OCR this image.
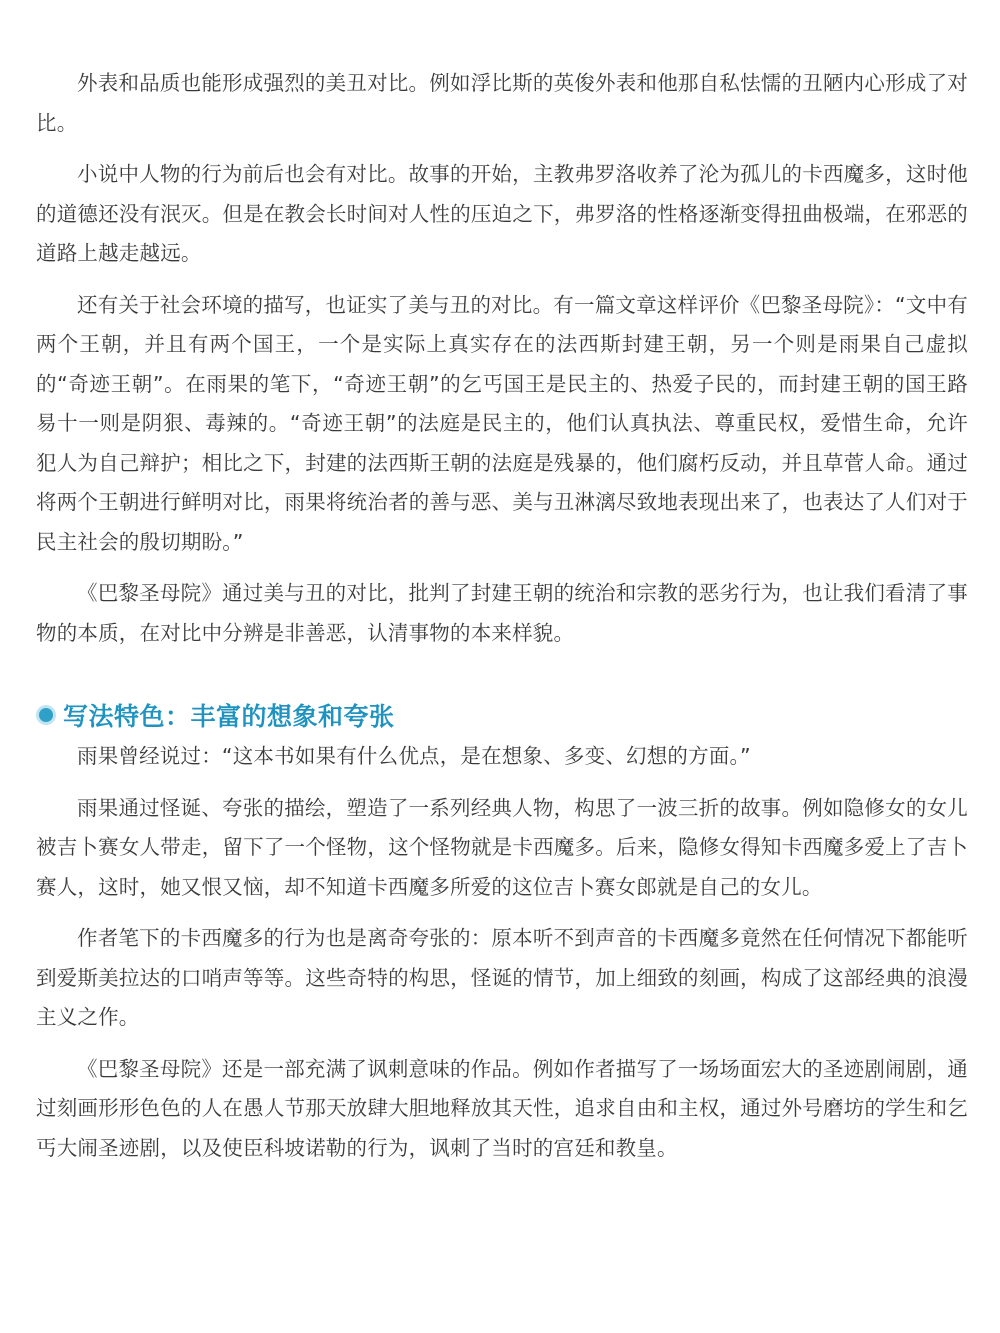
外表和品质也能形成强烈的美丑对比。例如浮比斯的英俊外表和他那自私怯懦的丑陋内心形成了对比。

小说中人物的行为前后也会有对比。故事的开始，主教弗罗洛收养了沦为孤儿的卡西魔多，这时他的道德还没有泯灭。但是在教会长时间对人性的压迫之下，弗罗洛的性格逐渐变得扭曲极端，在邪恶的道路上越走越远。

还有关于社会环境的描写，也证实了美与丑的对比。有一篇文章这样评价《巴黎圣母院》：“文中有两个王朝，并且有两个国王，一个是实际上真实存在的法西斯封建王朝，另一个则是雨果自己虚拟的“奇迹王朝”。在雨果的笔下，“奇迹王朝”的乞丐国王是民主的、热爱子民的，而封建王朝的国王路易十一则是阴狠、毒辣的。“奇迹王朝”的法庭是民主的，他们认真执法、尊重民权，爱惜生命，允许犯人为自己辩护；相比之下，封建的法西斯王朝的法庭是残暴的，他们腐朽反动，并且草菅人命。通过将两个王朝进行鲜明对比，雨果将统治者的善与恶、美与丑淋漓尽致地表现出来了，也表达了人们对于民主社会的殷切期盼。”

《巴黎圣母院》通过美与丑的对比，批判了封建王朝的统治和宗教的恶劣行为，也让我们看清了事物的本质，在对比中分辨是非善恶，认清事物的本来样貌。

写法特色：丰富的想象和夸张

雨果曾经说过：“这本书如果有什么优点，是在想象、多变、幻想的方面。”

雨果通过怪诞、夸张的描绘，塑造了一系列经典人物，构思了一波三折的故事。例如隐修女的女儿被吉卜赛女人带走，留下了一个怪物，这个怪物就是卡西魔多。后来，隐修女得知卡西魔多爱上了吉卜赛人，这时，她又恨又恼，却不知道卡西魔多所爱的这位吉卜赛女郎就是自己的女儿。

作者笔下的卡西魔多的行为也是离奇夸张的：原本听不到声音的卡西魔多竟然在任何情况下都能听到爱斯美拉达的口哨声等等。这些奇特的构思，怪诞的情节，加上细致的刻画，构成了这部经典的浪漫主义之作。

《巴黎圣母院》还是一部充满了讽刺意味的作品。例如作者描写了一场场面宏大的圣迹剧闹剧，通过刻画形形色色的人在愚人节那天放肆大胆地释放其天性，追求自由和主权，通过外号磨坊的学生和乞丐大闹圣迹剧，以及使臣科坡诺勒的行为，讽刺了当时的宫廷和教皇。
